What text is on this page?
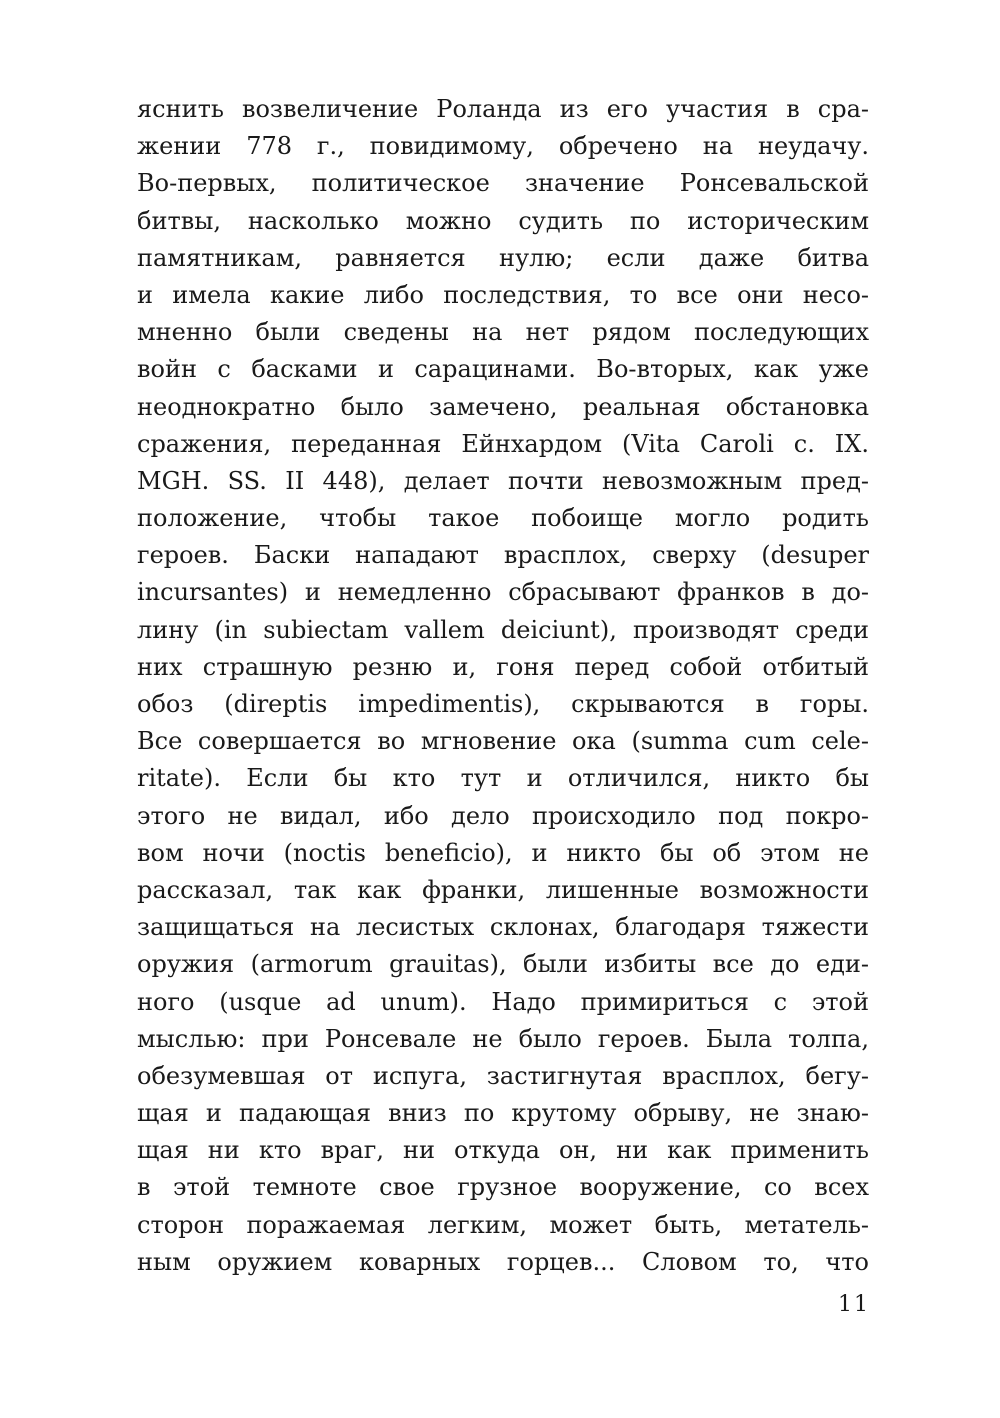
яснить возвеличение Роланда из его участия в сра-
жении 778 г., повидимому, обречено на неудачу.
Во-первых, политическое значение Ронсевальской
битвы, насколько можно судить по историческим
памятникам, равняется нулю; если даже битва
и имела какие либо последствия, то все они несо-
мненно были сведены на нет рядом последующих
войн с басками и сарацинами. Во-вторых, как уже
неоднократно было замечено, реальная обстановка
сражения, переданная Ейнхардом (Vita Caroli c. IX.
MGH. SS. II 448), делает почти невозможным пред-
положение, чтобы такое побоище могло родить
героев. Баски нападают врасплох, сверху (desuper
incursantes) и немедленно сбрасывают франков в до-
лину (in subiectam vallem deiciunt), производят среди
них страшную резню и, гоня перед собой отбитый
обоз (direptis impedimentis), скрываются в горы.
Все совершается во мгновение ока (summa cum cele-
ritate). Если бы кто тут и отличился, никто бы
этого не видал, ибо дело происходило под покро-
вом ночи (noctis beneficio), и никто бы об этом не
рассказал, так как франки, лишенные возможности
защищаться на лесистых склонах, благодаря тяжести
оружия (armorum grauitas), были избиты все до еди-
ного (usque ad unum). Надо примириться с этой
мыслью: при Ронсевале не было героев. Была толпа,
обезумевшая от испуга, застигнутая врасплох, бегу-
щая и падающая вниз по крутому обрыву, не знаю-
щая ни кто враг, ни откуда он, ни как применить
в этой темноте свое грузное вооружение, со всех
сторон поражаемая легким, может быть, метатель-
ным оружием коварных горцев... Словом то, что
11
